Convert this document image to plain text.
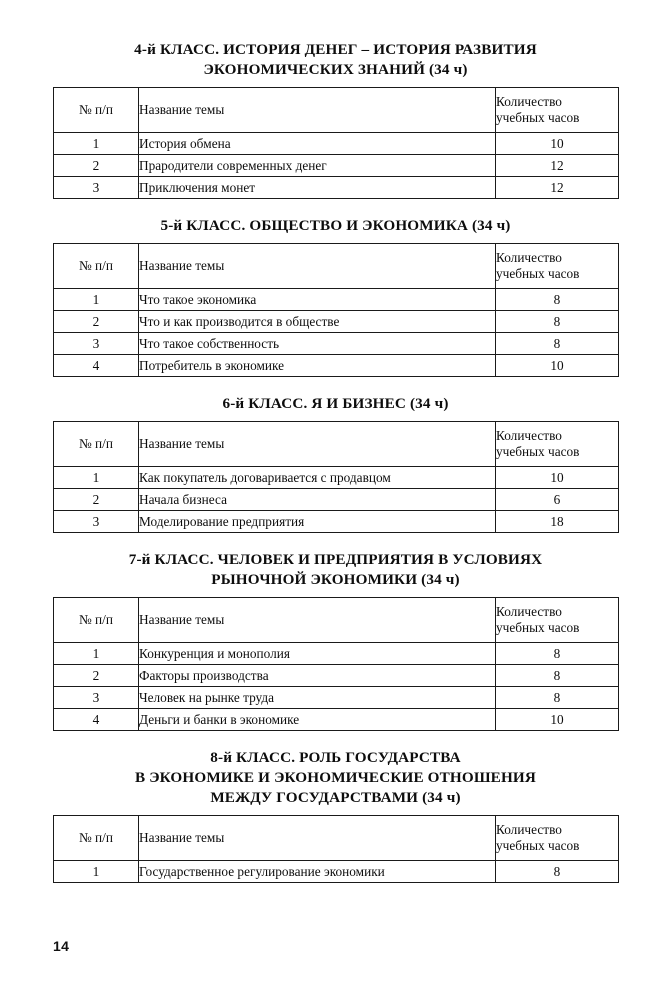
4-й КЛАСС. ИСТОРИЯ ДЕНЕГ – ИСТОРИЯ РАЗВИТИЯ
ЭКОНОМИЧЕСКИХ ЗНАНИЙ (34 ч)
№ п/п	Название темы	Количество
учебных часов

1	История обмена	10
2	Прародители современных денег	12
3	Приключения монет	12
5-й КЛАСС. ОБЩЕСТВО И ЭКОНОМИКА (34 ч)
№ п/п	Название темы	Количество
учебных часов

1	Что такое экономика	8
2	Что и как производится в обществе	8
3	Что такое собственность	8
4	Потребитель в экономике	10
6-й КЛАСС. Я И БИЗНЕС (34 ч)
№ п/п	Название темы	Количество
учебных часов

1	Как покупатель договаривается с продавцом	10
2	Начала бизнеса	6
3	Моделирование предприятия	18
7-й КЛАСС. ЧЕЛОВЕК И ПРЕДПРИЯТИЯ В УСЛОВИЯХ
РЫНОЧНОЙ ЭКОНОМИКИ (34 ч)
№ п/п	Название темы	Количество
учебных часов

1	Конкуренция и монополия	8
2	Факторы производства	8
3	Человек на рынке труда	8
4	Деньги и банки в экономике	10
8-й КЛАСС. РОЛЬ ГОСУДАРСТВА
В ЭКОНОМИКЕ И ЭКОНОМИЧЕСКИЕ ОТНОШЕНИЯ
МЕЖДУ ГОСУДАРСТВАМИ (34 ч)
№ п/п	Название темы	Количество
учебных часов

1	Государственное регулирование экономики	8
14
